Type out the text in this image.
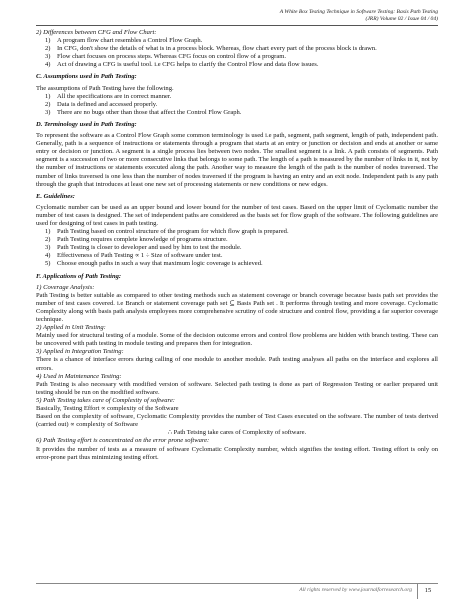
A White Box Testing Technique in Software Testing: Basis Path Testing
(JRR) Volume 02 / Issue 04 / 04)

2) Differences between CFG and Flow Chart:

1) A program flow chart resembles a Control Flow Graph.
2) In CFG, don't show the details of what is in a process block. Whereas, flow chart every part of the process block is drawn.
3) Flow chart focuses on process steps. Whereas CFG focus on control flow of a program.
4) Act of drawing a CFG is useful tool. i.e CFG helps to clarify the Control Flow and data flow issues.

C. Assumptions used in Path Testing:

The assumptions of Path Testing have the following.

1) All the specifications are in correct manner.
2) Data is defined and accessed properly.
3) There are no bugs other than those that affect the Control Flow Graph.

D. Terminology used in Path Testing:

To represent the software as a Control Flow Graph some common terminology is used i.e path, segment, path segment, length of path, independent path. Generally, path is a sequence of instructions or statements through a program that starts at an entry or junction or decision and ends at another or same entry or decision or junction. A segment is a single process lies between two nodes. The smallest segment is a link. A path consists of segments. Path segment is a succession of two or more consecutive links that belongs to some path. The length of a path is measured by the number of links in it, not by the number of instructions or statements executed along the path. Another way to measure the length of the path is the number of nodes traversed. The number of links traversed is one less than the number of nodes traversed if the program is having an entry and an exit node. Independent path is any path through the graph that introduces at least one new set of processing statements or new conditions or new edges.

E. Guidelines:

Cyclomatic number can be used as an upper bound and lower bound for the number of test cases. Based on the upper limit of Cyclomatic number the number of test cases is designed. The set of independent paths are considered as the basis set for flow graph of the software. The following guidelines are used for designing of test cases in path testing.

1) Path Testing based on control structure of the program for which flow graph is prepared.
2) Path Testing requires complete knowledge of programs structure.
3) Path Testing is closer to developer and used by him to test the module.
4) Effectiveness of Path Testing ∝ 1 ÷ Size of software under test.
5) Choose enough paths in such a way that maximum logic coverage is achieved.

F. Applications of Path Testing:

1) Coverage Analysis:

Path Testing is better suitable as compared to other testing methods such as statement coverage or branch coverage because basis path set provides the number of test cases covered. i.e Branch or statement coverage path set ⊆ Basis Path set . It performs through testing and more coverage. Cyclomatic Complexity along with basis path analysis employees more comprehensive scrutiny of code structure and control flow, providing a far superior coverage technique.

2) Applied in Unit Testing:

Mainly used for structural testing of a module. Some of the decision outcome errors and control flow problems are hidden with branch testing. These can be uncovered with path testing in module testing and prepares then for integration.

3) Applied in Integration Testing:

There is a chance of interface errors during calling of one module to another module. Path testing analyses all paths on the interface and explores all errors.

4) Used in Maintenance Testing:

Path Testing is also necessary with modified version of software. Selected path testing is done as part of Regression Testing or earlier prepared unit testing should be run on the modified software.

5) Path Testing takes care of Complexity of software:

Basically, Testing Effort ∝ complexity of the Software

Based on the complexity of software, Cyclomatic Complexity provides the number of Test Cases executed on the software. The number of tests derived (carried out) ∝ complexity of Software

∴ Path Tetsing take cares of Complexity of software.

6) Path Testing effort is concentrated on the error prone software:

It provides the number of tests as a measure of software Cyclomatic Complexity number, which signifies the testing effort. Testing effort is only on error-prone part thus minimizing testing effort.

All rights reserved by www.journalforresearch.org	15
